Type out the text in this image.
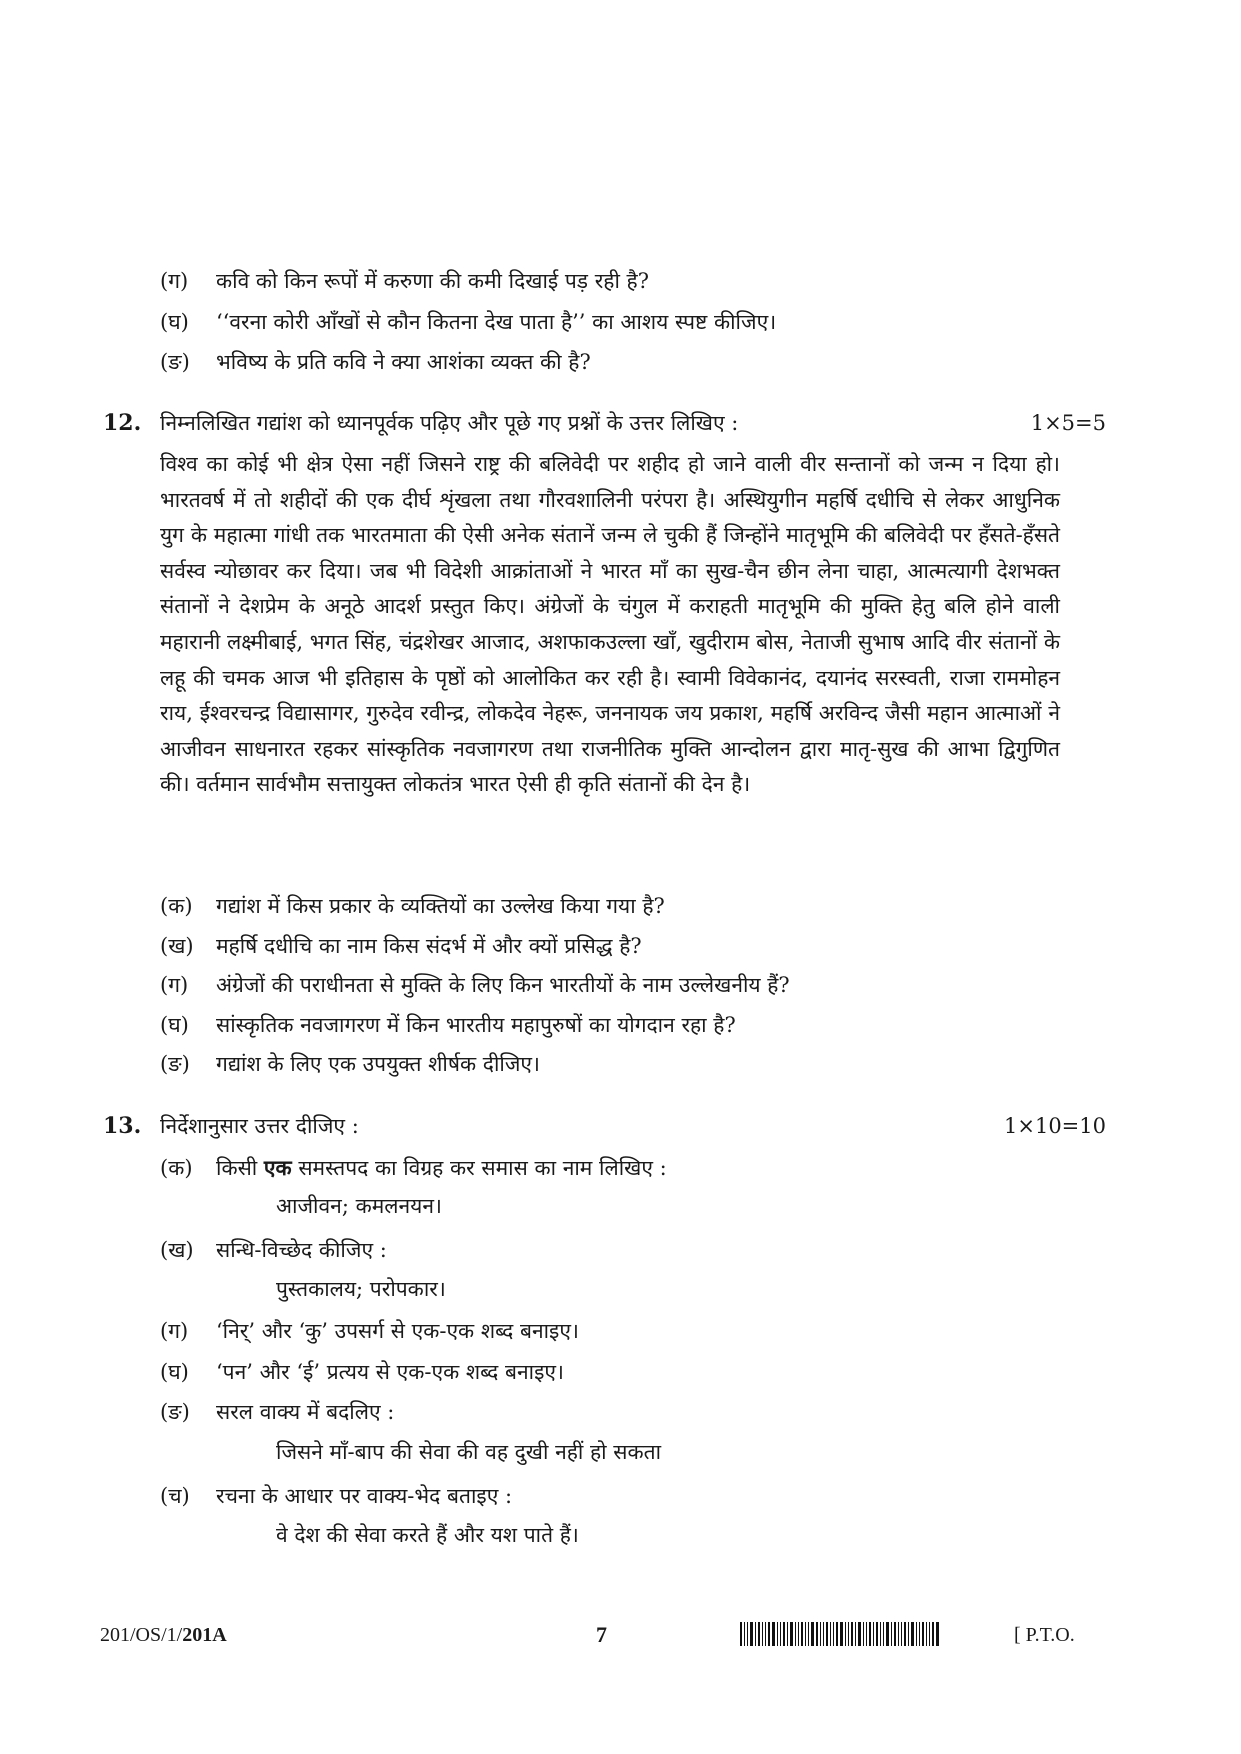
(ग) कवि को किन रूपों में करुणा की कमी दिखाई पड़ रही है?
(घ) ‘‘वरना कोरी आँखों से कौन कितना देख पाता है’’ का आशय स्पष्ट कीजिए।
(ङ) भविष्य के प्रति कवि ने क्या आशंका व्यक्त की है?
12. निम्नलिखित गद्यांश को ध्यानपूर्वक पढ़िए और पूछे गए प्रश्नों के उत्तर लिखिए :	1×5=5
विश्व का कोई भी क्षेत्र ऐसा नहीं जिसने राष्ट्र की बलिवेदी पर शहीद हो जाने वाली वीर सन्तानों को जन्म न दिया हो। भारतवर्ष में तो शहीदों की एक दीर्घ शृंखला तथा गौरवशालिनी परंपरा है। अस्थियुगीन महर्षि दधीचि से लेकर आधुनिक युग के महात्मा गांधी तक भारतमाता की ऐसी अनेक संतानें जन्म ले चुकी हैं जिन्होंने मातृभूमि की बलिवेदी पर हँसते-हँसते सर्वस्व न्योछावर कर दिया। जब भी विदेशी आक्रांताओं ने भारत माँ का सुख-चैन छीन लेना चाहा, आत्मत्यागी देशभक्त संतानों ने देशप्रेम के अनूठे आदर्श प्रस्तुत किए। अंग्रेजों के चंगुल में कराहती मातृभूमि की मुक्ति हेतु बलि होने वाली महारानी लक्ष्मीबाई, भगत सिंह, चंद्रशेखर आजाद, अशफाकउल्ला खाँ, खुदीराम बोस, नेताजी सुभाष आदि वीर संतानों के लहू की चमक आज भी इतिहास के पृष्ठों को आलोकित कर रही है। स्वामी विवेकानंद, दयानंद सरस्वती, राजा राममोहन राय, ईश्वरचन्द्र विद्यासागर, गुरुदेव रवीन्द्र, लोकदेव नेहरू, जननायक जय प्रकाश, महर्षि अरविन्द जैसी महान आत्माओं ने आजीवन साधनारत रहकर सांस्कृतिक नवजागरण तथा राजनीतिक मुक्ति आन्दोलन द्वारा मातृ-सुख की आभा द्विगुणित की। वर्तमान सार्वभौम सत्तायुक्त लोकतंत्र भारत ऐसी ही कृति संतानों की देन है।
(क) गद्यांश में किस प्रकार के व्यक्तियों का उल्लेख किया गया है?
(ख) महर्षि दधीचि का नाम किस संदर्भ में और क्यों प्रसिद्ध है?
(ग) अंग्रेजों की पराधीनता से मुक्ति के लिए किन भारतीयों के नाम उल्लेखनीय हैं?
(घ) सांस्कृतिक नवजागरण में किन भारतीय महापुरुषों का योगदान रहा है?
(ङ) गद्यांश के लिए एक उपयुक्त शीर्षक दीजिए।
13. निर्देशानुसार उत्तर दीजिए :	1×10=10
(क) किसी एक समस्तपद का विग्रह कर समास का नाम लिखिए :
आजीवन; कमलनयन।
(ख) सन्धि-विच्छेद कीजिए :
पुस्तकालय; परोपकार।
(ग) ‘निर्’ और ‘कु’ उपसर्ग से एक-एक शब्द बनाइए।
(घ) ‘पन’ और ‘ई’ प्रत्यय से एक-एक शब्द बनाइए।
(ङ) सरल वाक्य में बदलिए :
जिसने माँ-बाप की सेवा की वह दुखी नहीं हो सकता
(च) रचना के आधार पर वाक्य-भेद बताइए :
वे देश की सेवा करते हैं और यश पाते हैं।
201/OS/1/201A	7	[ P.T.O.
